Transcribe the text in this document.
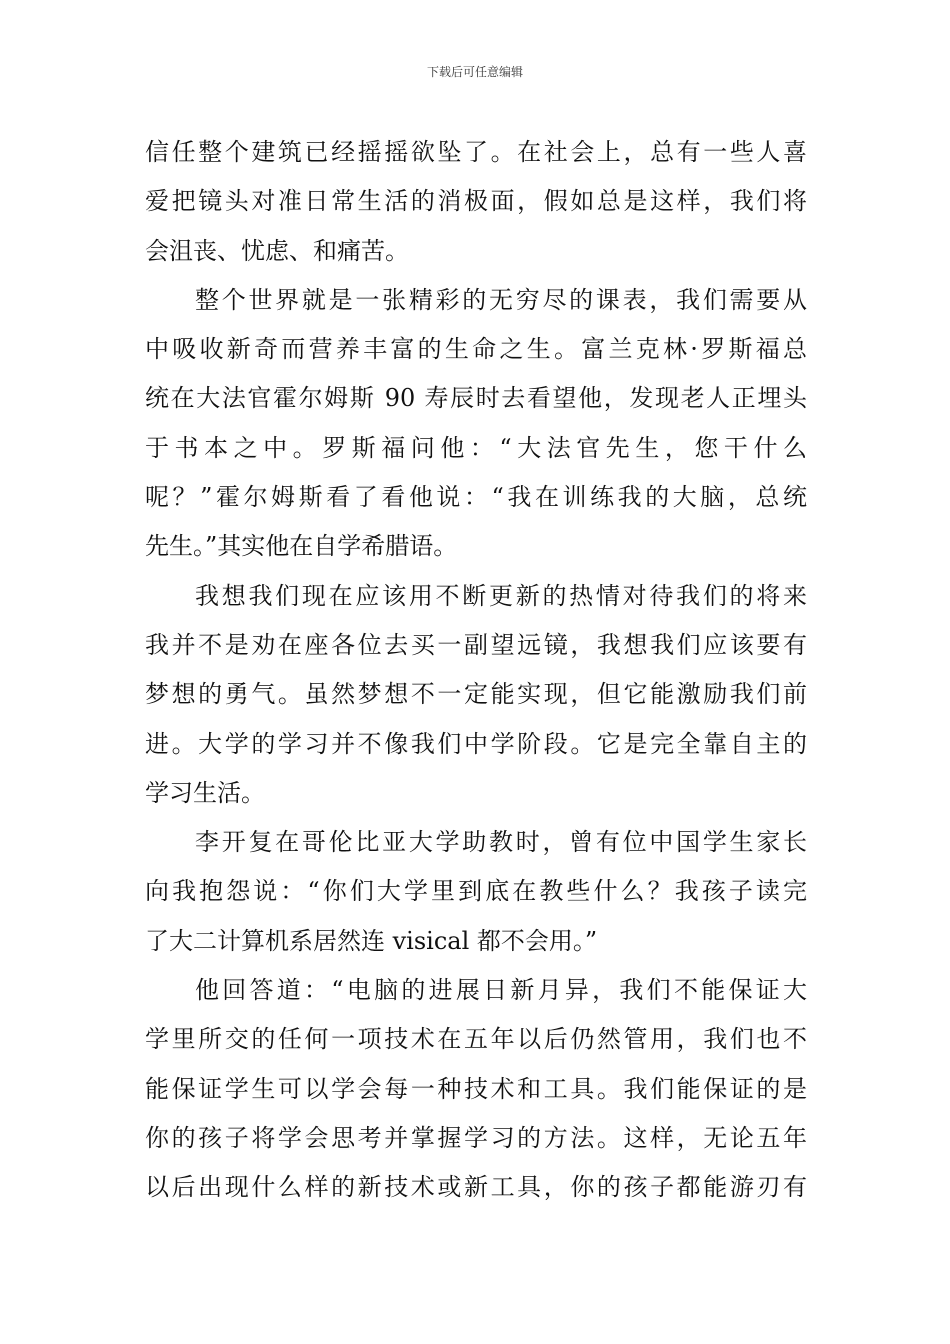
下载后可任意编辑
信任整个建筑已经摇摇欲坠了。在社会上，总有一些人喜
爱把镜头对准日常生活的消极面，假如总是这样，我们将
会沮丧、忧虑、和痛苦。
整个世界就是一张精彩的无穷尽的课表，我们需要从
中吸收新奇而营养丰富的生命之生。富兰克林·罗斯福总
统在大法官霍尔姆斯 90 寿辰时去看望他，发现老人正埋头
于书本之中。罗斯福问他：“大法官先生，您干什么
呢？”霍尔姆斯看了看他说：“我在训练我的大脑，总统
先生。”其实他在自学希腊语。
我想我们现在应该用不断更新的热情对待我们的将来
我并不是劝在座各位去买一副望远镜，我想我们应该要有
梦想的勇气。虽然梦想不一定能实现，但它能激励我们前
进。大学的学习并不像我们中学阶段。它是完全靠自主的
学习生活。
李开复在哥伦比亚大学助教时，曾有位中国学生家长
向我抱怨说：“你们大学里到底在教些什么？我孩子读完
了大二计算机系居然连 visical 都不会用。”
他回答道：“电脑的进展日新月异，我们不能保证大
学里所交的任何一项技术在五年以后仍然管用，我们也不
能保证学生可以学会每一种技术和工具。我们能保证的是
你的孩子将学会思考并掌握学习的方法。这样，无论五年
以后出现什么样的新技术或新工具，你的孩子都能游刃有
